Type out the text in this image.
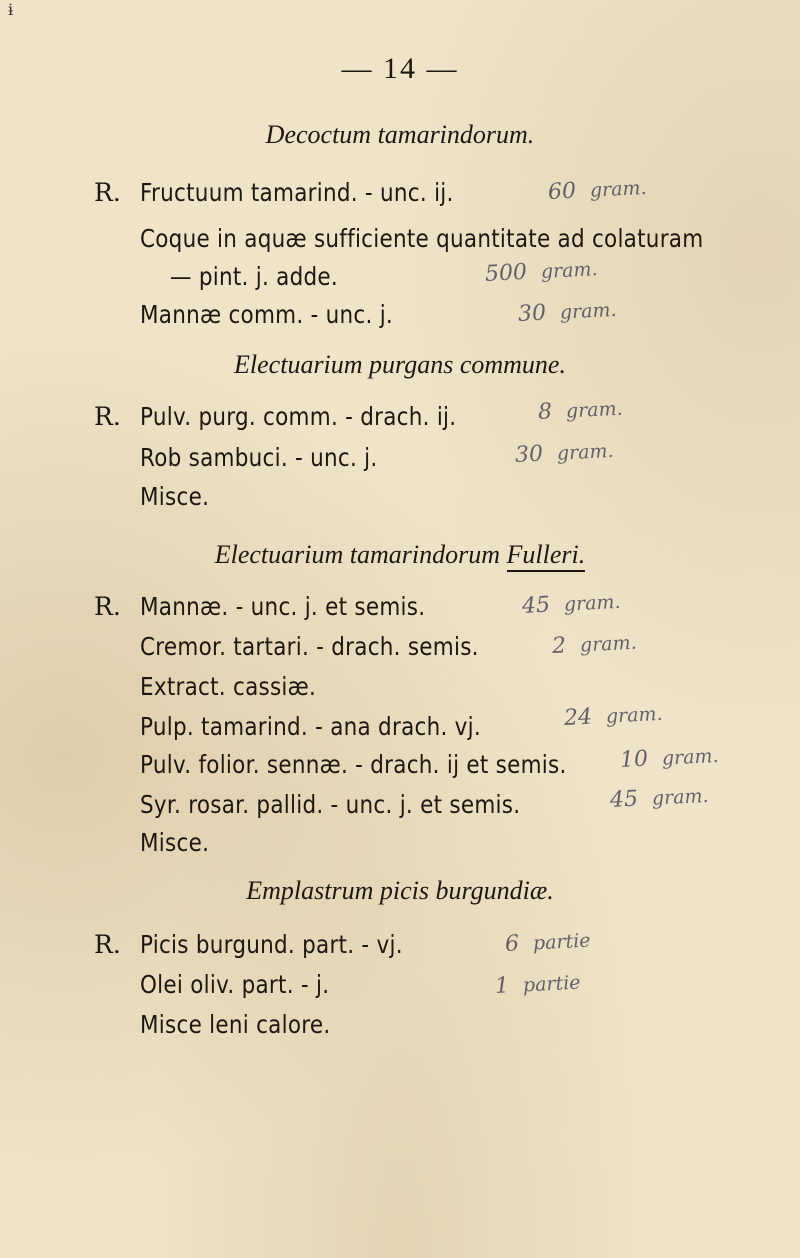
ɨ
— 14 —
Decoctum tamarindorum.
R. Fructuum tamarind. - unc. ij.	60 gram.
Coque in aquæ sufficiente quantitate ad colaturam
— pint. j. adde.	500 gram.
Mannæ comm. - unc. j.	30 gram.
Electuarium purgans commune.
R. Pulv. purg. comm. - drach. ij.	8 gram.
Rob sambuci. - unc. j.	30 gram.
Misce.
Electuarium tamarindorum Fulleri.
R. Mannæ. - unc. j. et semis.	45 gram.
Cremor. tartari. - drach. semis.	2 gram.
Extract. cassiæ.
Pulp. tamarind. - ana drach. vj.	24 gram.
Pulv. folior. sennæ. - drach. ij et semis. 10 gram.
Syr. rosar. pallid. - unc. j. et semis.	45 gram.
Misce.
Emplastrum picis burgundiæ.
R. Picis burgund. part. - vj.	6 partie
Olei oliv. part. - j.	1 partie
Misce leni calore.
